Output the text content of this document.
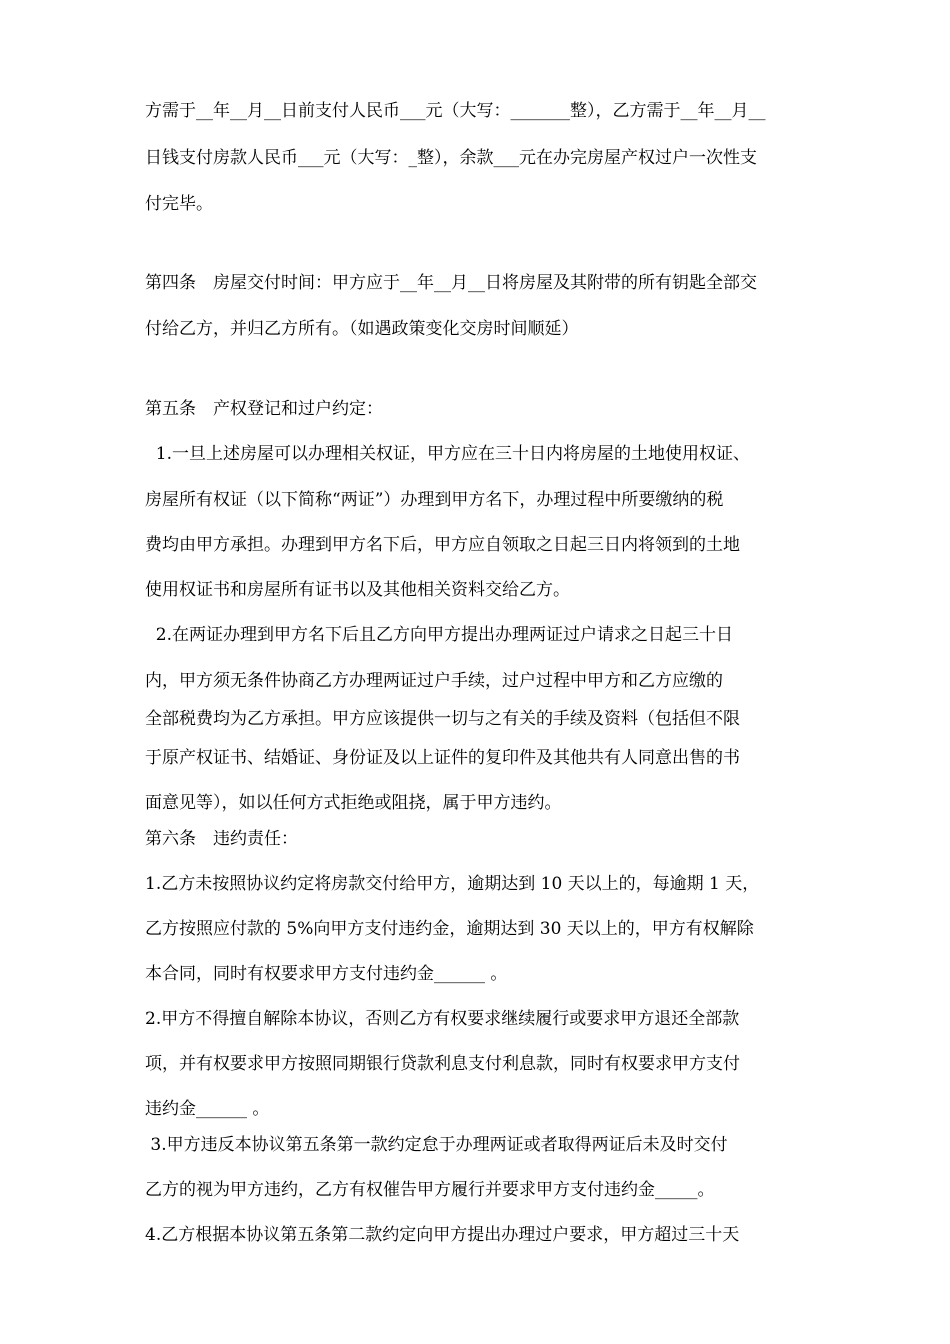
方需于__年__月__日前支付人民币___元（大写：_______整），乙方需于__年__月__

日钱支付房款人民币___元（大写：_整），余款___元在办完房屋产权过户一次性支

付完毕。

第四条　房屋交付时间：甲方应于__年__月__日将房屋及其附带的所有钥匙全部交

付给乙方，并归乙方所有。（如遇政策变化交房时间顺延）

第五条　产权登记和过户约定：

1.一旦上述房屋可以办理相关权证，甲方应在三十日内将房屋的土地使用权证、

房屋所有权证（以下简称“两证”）办理到甲方名下，办理过程中所要缴纳的税

费均由甲方承担。办理到甲方名下后，甲方应自领取之日起三日内将领到的土地

使用权证书和房屋所有证书以及其他相关资料交给乙方。

2.在两证办理到甲方名下后且乙方向甲方提出办理两证过户请求之日起三十日

内，甲方须无条件协商乙方办理两证过户手续，过户过程中甲方和乙方应缴的

全部税费均为乙方承担。甲方应该提供一切与之有关的手续及资料（包括但不限

于原产权证书、结婚证、身份证及以上证件的复印件及其他共有人同意出售的书

面意见等），如以任何方式拒绝或阻挠，属于甲方违约。

第六条　违约责任：

1.乙方未按照协议约定将房款交付给甲方，逾期达到 10 天以上的，每逾期 1 天，

乙方按照应付款的 5%向甲方支付违约金，逾期达到 30 天以上的，甲方有权解除

本合同，同时有权要求甲方支付违约金______ 。

2.甲方不得擅自解除本协议，否则乙方有权要求继续履行或要求甲方退还全部款

项，并有权要求甲方按照同期银行贷款利息支付利息款，同时有权要求甲方支付

违约金______ 。

3.甲方违反本协议第五条第一款约定怠于办理两证或者取得两证后未及时交付

乙方的视为甲方违约，乙方有权催告甲方履行并要求甲方支付违约金_____。

4.乙方根据本协议第五条第二款约定向甲方提出办理过户要求，甲方超过三十天
